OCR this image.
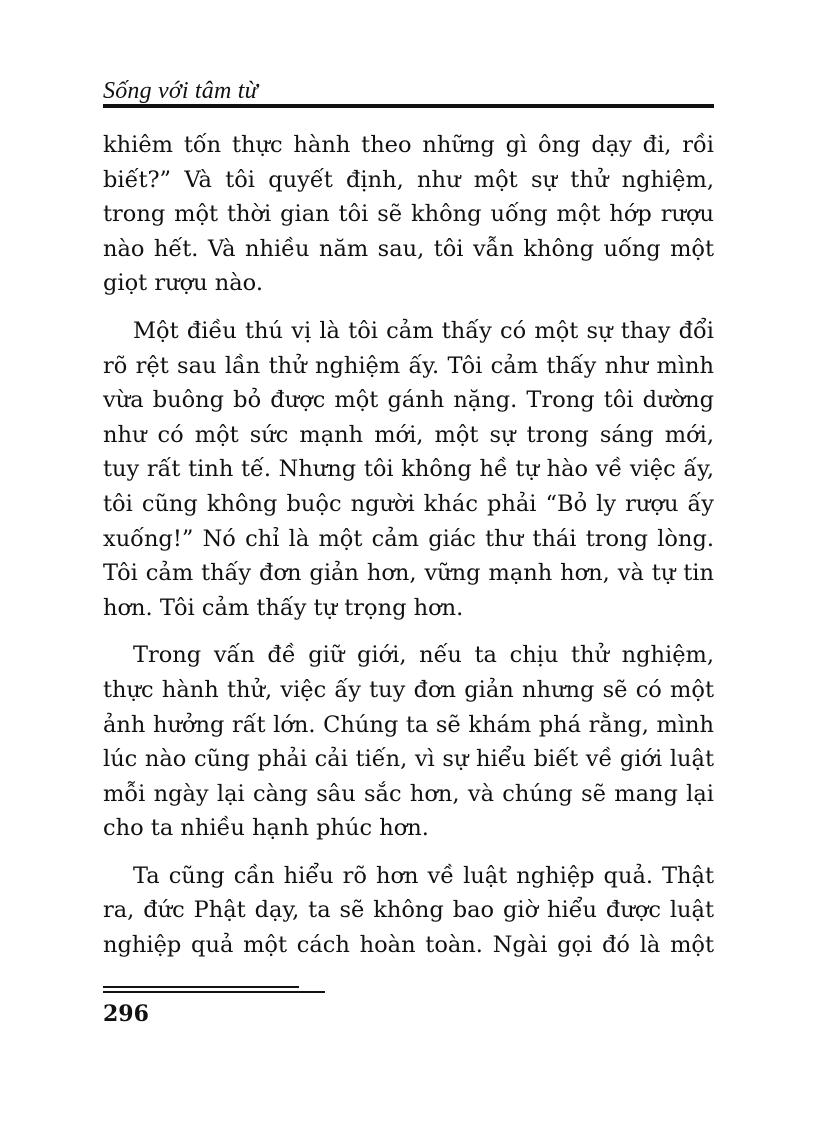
Sống với tâm từ

khiêm tốn thực hành theo những gì ông dạy đi, rồi biết?” Và tôi quyết định, như một sự thử nghiệm, trong một thời gian tôi sẽ không uống một hớp rượu nào hết. Và nhiều năm sau, tôi vẫn không uống một giọt rượu nào.

Một điều thú vị là tôi cảm thấy có một sự thay đổi rõ rệt sau lần thử nghiệm ấy. Tôi cảm thấy như mình vừa buông bỏ được một gánh nặng. Trong tôi dường như có một sức mạnh mới, một sự trong sáng mới, tuy rất tinh tế. Nhưng tôi không hề tự hào về việc ấy, tôi cũng không buộc người khác phải “Bỏ ly rượu ấy xuống!” Nó chỉ là một cảm giác thư thái trong lòng. Tôi cảm thấy đơn giản hơn, vững mạnh hơn, và tự tin hơn. Tôi cảm thấy tự trọng hơn.

Trong vấn đề giữ giới, nếu ta chịu thử nghiệm, thực hành thử, việc ấy tuy đơn giản nhưng sẽ có một ảnh hưởng rất lớn. Chúng ta sẽ khám phá rằng, mình lúc nào cũng phải cải tiến, vì sự hiểu biết về giới luật mỗi ngày lại càng sâu sắc hơn, và chúng sẽ mang lại cho ta nhiều hạnh phúc hơn.

Ta cũng cần hiểu rõ hơn về luật nghiệp quả. Thật ra, đức Phật dạy, ta sẽ không bao giờ hiểu được luật nghiệp quả một cách hoàn toàn. Ngài gọi đó là một

296
